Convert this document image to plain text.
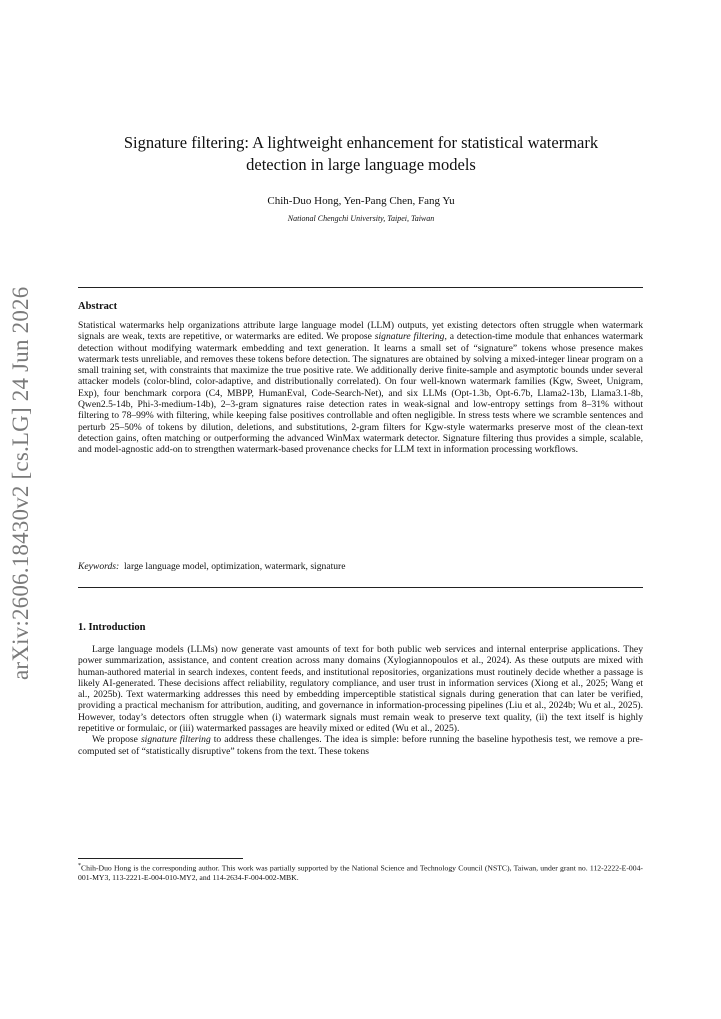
arXiv:2606.18430v2 [cs.LG] 24 Jun 2026
Signature filtering: A lightweight enhancement for statistical watermark
detection in large language models
Chih-Duo Hong, Yen-Pang Chen, Fang Yu
National Chengchi University, Taipei, Taiwan
Abstract
Statistical watermarks help organizations attribute large language model (LLM) outputs, yet existing detectors often struggle when watermark signals are weak, texts are repetitive, or watermarks are edited. We propose signature filtering, a detection-time module that enhances watermark detection without modifying watermark embedding and text generation. It learns a small set of “signature” tokens whose presence makes watermark tests unreliable, and removes these tokens before detection. The signatures are obtained by solving a mixed-integer linear program on a small training set, with constraints that maximize the true positive rate. We additionally derive finite-sample and asymptotic bounds under several attacker models (color-blind, color-adaptive, and distributionally correlated). On four well-known watermark families (Kgw, Sweet, Unigram, Exp), four benchmark corpora (C4, MBPP, HumanEval, Code-Search-Net), and six LLMs (Opt-1.3b, Opt-6.7b, Llama2-13b, Llama3.1-8b, Qwen2.5-14b, Phi-3-medium-14b), 2–3-gram signatures raise detection rates in weak-signal and low-entropy settings from 8–31% without filtering to 78–99% with filtering, while keeping false positives controllable and often negligible. In stress tests where we scramble sentences and perturb 25–50% of tokens by dilution, deletions, and substitutions, 2-gram filters for Kgw-style watermarks preserve most of the clean-text detection gains, often matching or outperforming the advanced WinMax watermark detector. Signature filtering thus provides a simple, scalable, and model-agnostic add-on to strengthen watermark-based provenance checks for LLM text in information processing workflows.
Keywords: large language model, optimization, watermark, signature
1. Introduction

Large language models (LLMs) now generate vast amounts of text for both public web services and internal enterprise applications. They power summarization, assistance, and content creation across many domains (Xylogiannopoulos et al., 2024). As these outputs are mixed with human-authored material in search indexes, content feeds, and institutional repositories, organizations must routinely decide whether a passage is likely AI-generated. These decisions affect reliability, regulatory compliance, and user trust in information services (Xiong et al., 2025; Wang et al., 2025b). Text watermarking addresses this need by embedding imperceptible statistical signals during generation that can later be verified, providing a practical mechanism for attribution, auditing, and governance in information-processing pipelines (Liu et al., 2024b; Wu et al., 2025). However, today’s detectors often struggle when (i) watermark signals must remain weak to preserve text quality, (ii) the text itself is highly repetitive or formulaic, or (iii) watermarked passages are heavily mixed or edited (Wu et al., 2025).

We propose signature filtering to address these challenges. The idea is simple: before running the baseline hypothesis test, we remove a pre-computed set of “statistically disruptive” tokens from the text. These tokens

*Chih-Duo Hong is the corresponding author. This work was partially supported by the National Science and Technology Council (NSTC), Taiwan, under grant no. 112-2222-E-004-001-MY3, 113-2221-E-004-010-MY2, and 114-2634-F-004-002-MBK.
